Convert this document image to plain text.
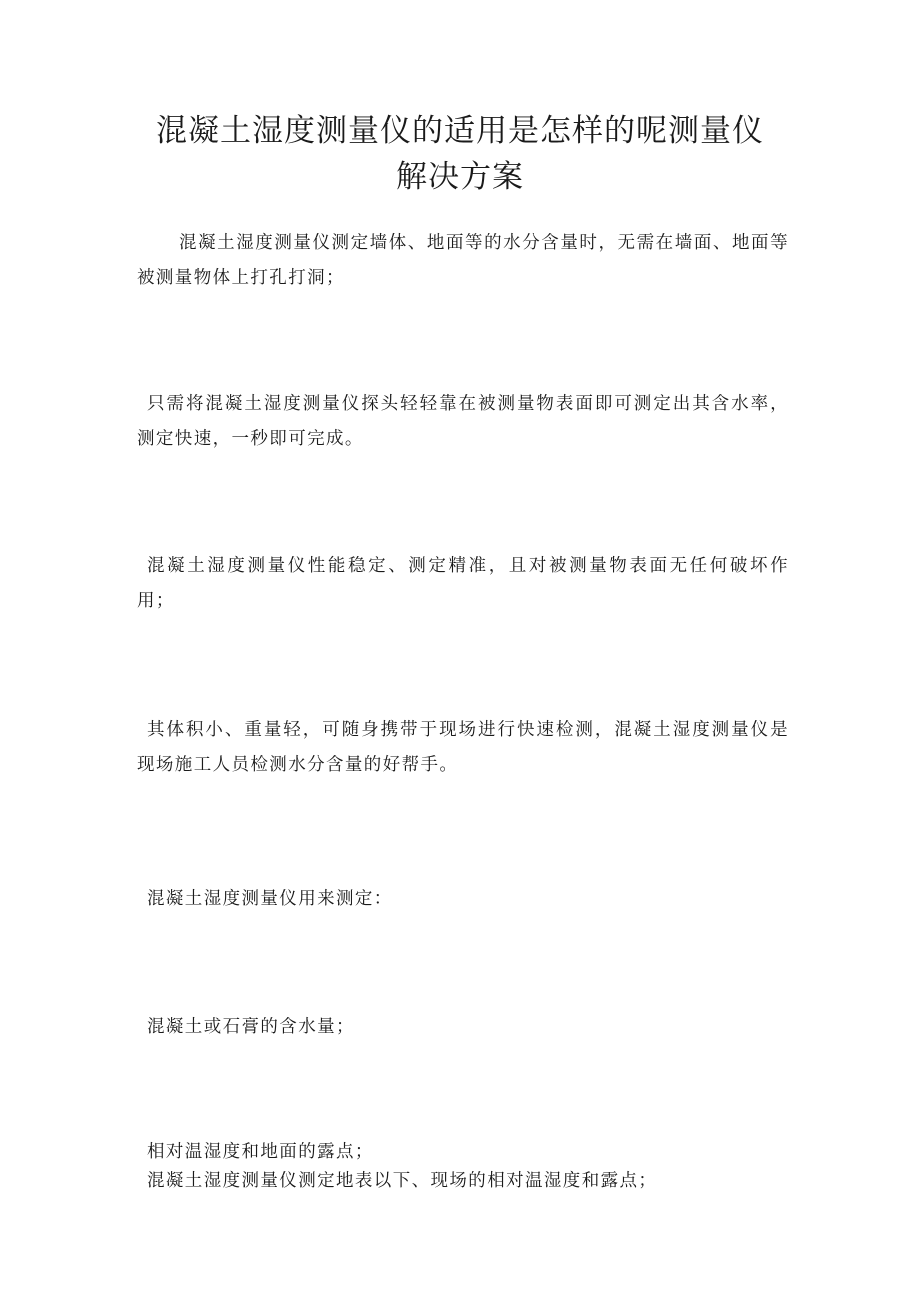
混凝土湿度测量仪的适用是怎样的呢测量仪
解决方案

混凝土湿度测量仪测定墙体、地面等的水分含量时，无需在墙面、地面等被测量物体上打孔打洞；

只需将混凝土湿度测量仪探头轻轻靠在被测量物表面即可测定出其含水率，测定快速，一秒即可完成。

混凝土湿度测量仪性能稳定、测定精准，且对被测量物表面无任何破坏作用；

其体积小、重量轻，可随身携带于现场进行快速检测，混凝土湿度测量仪是现场施工人员检测水分含量的好帮手。

混凝土湿度测量仪用来测定：

混凝土或石膏的含水量；

相对温湿度和地面的露点；

混凝土湿度测量仪测定地表以下、现场的相对温湿度和露点；
